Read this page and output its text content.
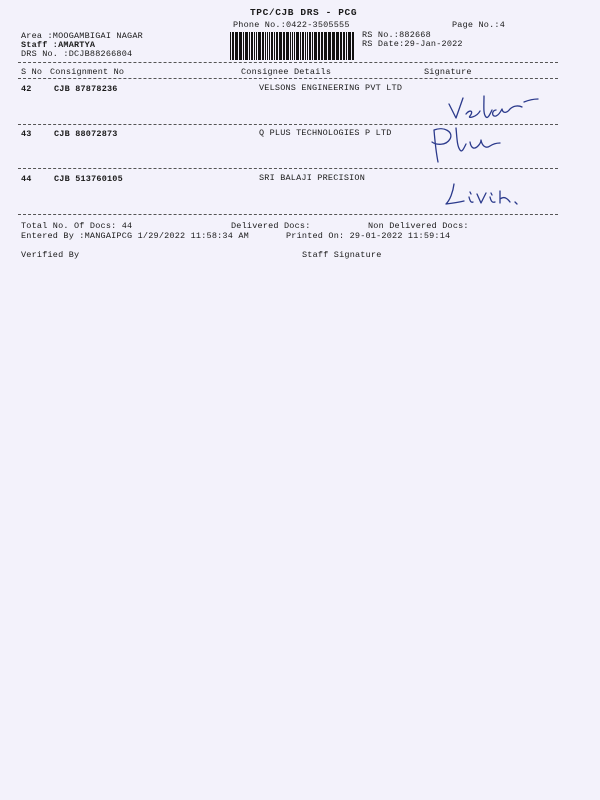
TPC/CJB DRS - PCG
Phone No.:0422-3505555	Page No.:4
Area :MOOGAMBIGAI NAGAR
Staff :AMARTYA
DRS No. :DCJB88266804
RS No.:882668
RS Date:29-Jan-2022
S No Consignment No	Consignee Details	Signature
42	CJB 87878236	VELSONS ENGINEERING PVT LTD
43	CJB 88072873	Q PLUS TECHNOLOGIES P LTD
44	CJB 513760105	SRI BALAJI PRECISION
Total No. Of Docs: 44	Delivered Docs:	Non Delivered Docs:
Entered By :MANGAIPCG 1/29/2022 11:58:34 AM	Printed On: 29-01-2022 11:59:14
Verified By	Staff Signature
